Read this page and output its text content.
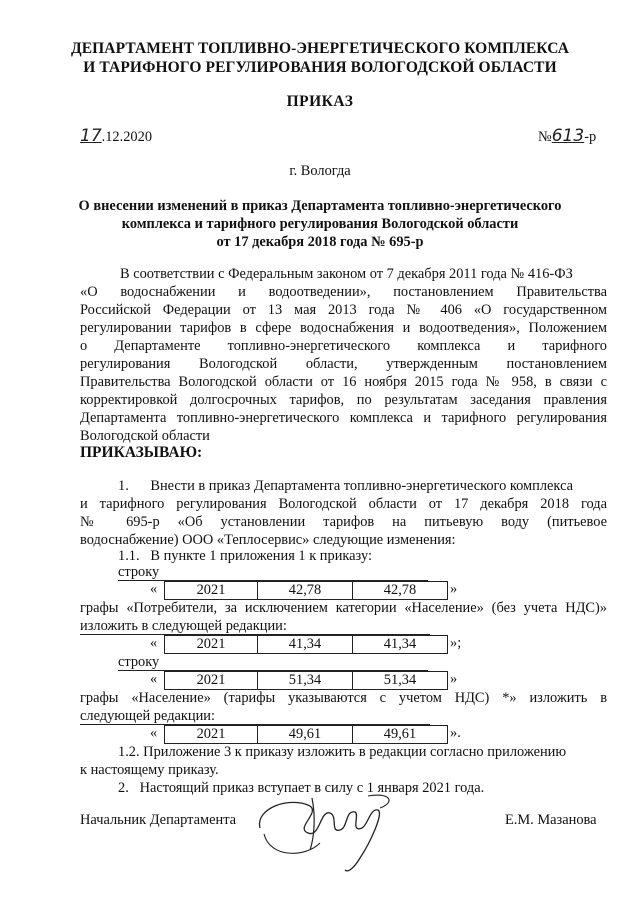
ДЕПАРТАМЕНТ ТОПЛИВНО-ЭНЕРГЕТИЧЕСКОГО КОМПЛЕКСА
И ТАРИФНОГО РЕГУЛИРОВАНИЯ ВОЛОГОДСКОЙ ОБЛАСТИ
ПРИКАЗ
17.12.2020	№613-р
г. Вологда
О внесении изменений в приказ Департамента топливно-энергетического
комплекса и тарифного регулирования Вологодской области
от 17 декабря 2018 года № 695-р
В соответствии с Федеральным законом от 7 декабря 2011 года № 416-ФЗ
«О водоснабжении и водоотведении», постановлением Правительства
Российской Федерации от 13 мая 2013 года № 406 «О государственном
регулировании тарифов в сфере водоснабжения и водоотведения», Положением
о Департаменте топливно-энергетического комплекса и тарифного
регулирования Вологодской области, утвержденным постановлением
Правительства Вологодской области от 16 ноября 2015 года № 958, в связи с
корректировкой долгосрочных тарифов, по результатам заседания правления
Департамента топливно-энергетического комплекса и тарифного регулирования
Вологодской области
ПРИКАЗЫВАЮ:
1.      Внести в приказ Департамента топливно-энергетического комплекса
и тарифного регулирования Вологодской области от 17 декабря 2018 года
№ 695-р «Об установлении тарифов на питьевую воду (питьевое
водоснабжение) ООО «Теплосервис» следующие изменения:
1.1.   В пункте 1 приложения 1 к приказу:
строку
«	2021	42,78	42,78	»
графы «Потребители, за исключением категории «Население» (без учета НДС)»
изложить в следующей редакции:
«	2021	41,34	41,34	»;
строку
«	2021	51,34	51,34	»
графы «Население» (тарифы указываются с учетом НДС) *» изложить в
следующей редакции:
«	2021	49,61	49,61	».
1.2. Приложение 3 к приказу изложить в редакции согласно приложению
к настоящему приказу.
2.   Настоящий приказ вступает в силу с 1 января 2021 года.
Начальник Департамента	Е.М. Мазанова
